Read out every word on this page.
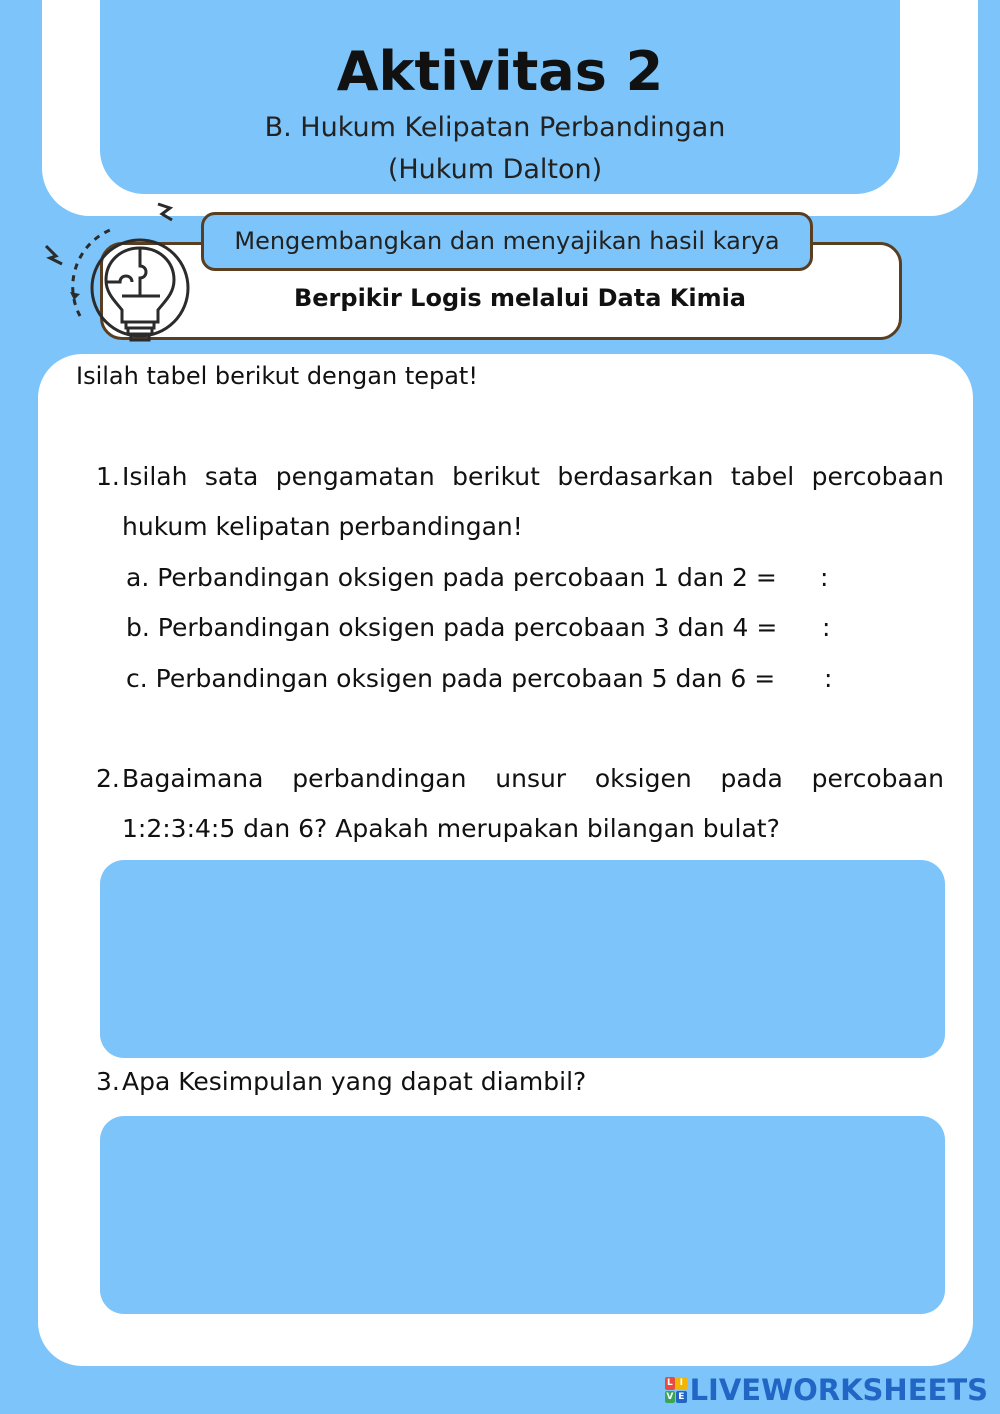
Aktivitas 2

B. Hukum Kelipatan Perbandingan

(Hukum Dalton)

Mengembangkan dan menyajikan hasil karya
Berpikir Logis melalui Data Kimia
Isilah tabel berikut dengan tepat!
1. Isilah sata pengamatan berikut berdasarkan tabel percobaan
hukum kelipatan perbandingan!
a. Perbandingan oksigen pada percobaan 1 dan 2 = :
b. Perbandingan oksigen pada percobaan 3 dan 4 = :
c. Perbandingan oksigen pada percobaan 5 dan 6 = :
2. Bagaimana perbandingan unsur oksigen pada percobaan
1:2:3:4:5 dan 6? Apakah merupakan bilangan bulat?
3. Apa Kesimpulan yang dapat diambil?
L I
V E LIVEWORKSHEETS
